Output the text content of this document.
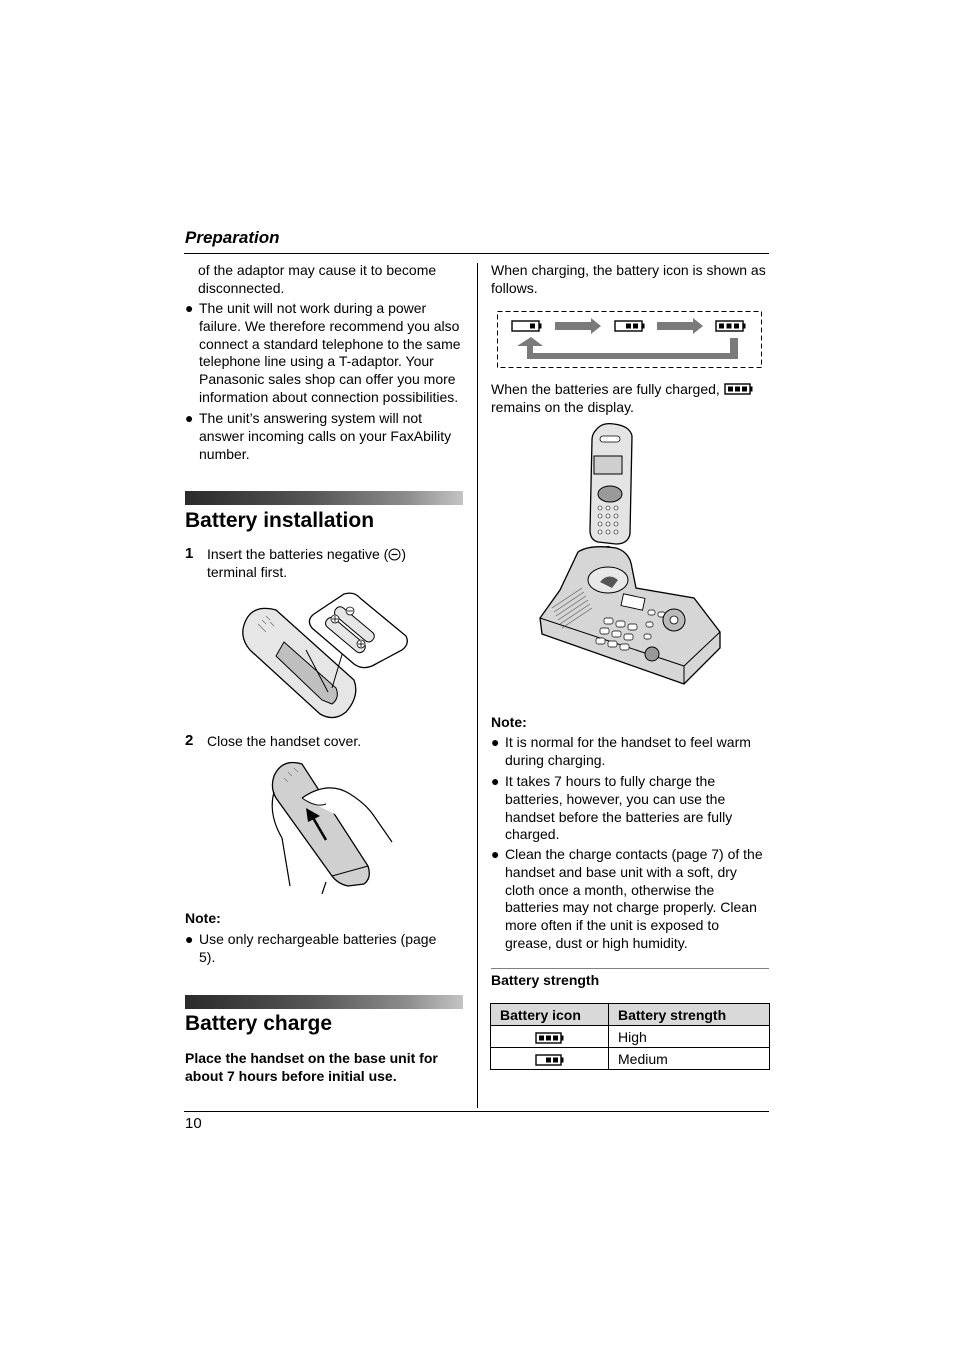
Preparation
of the adaptor may cause it to become disconnected.
● The unit will not work during a power failure. We therefore recommend you also connect a standard telephone to the same telephone line using a T-adaptor. Your Panasonic sales shop can offer you more information about connection possibilities.
● The unit’s answering system will not answer incoming calls on your FaxAbility number.
Battery installation
1 Insert the batteries negative ( ) terminal first.
2 Close the handset cover.
Note:
● Use only rechargeable batteries (page 5).
Battery charge
Place the handset on the base unit for about 7 hours before initial use.
When charging, the battery icon is shown as follows.
When the batteries are fully charged,
remains on the display.
Note:
● It is normal for the handset to feel warm during charging.
● It takes 7 hours to fully charge the batteries, however, you can use the handset before the batteries are fully charged.
● Clean the charge contacts (page 7) of the handset and base unit with a soft, dry cloth once a month, otherwise the batteries may not charge properly. Clean more often if the unit is exposed to grease, dust or high humidity.
Battery strength
Battery icon	Battery strength
	High
	Medium
10
